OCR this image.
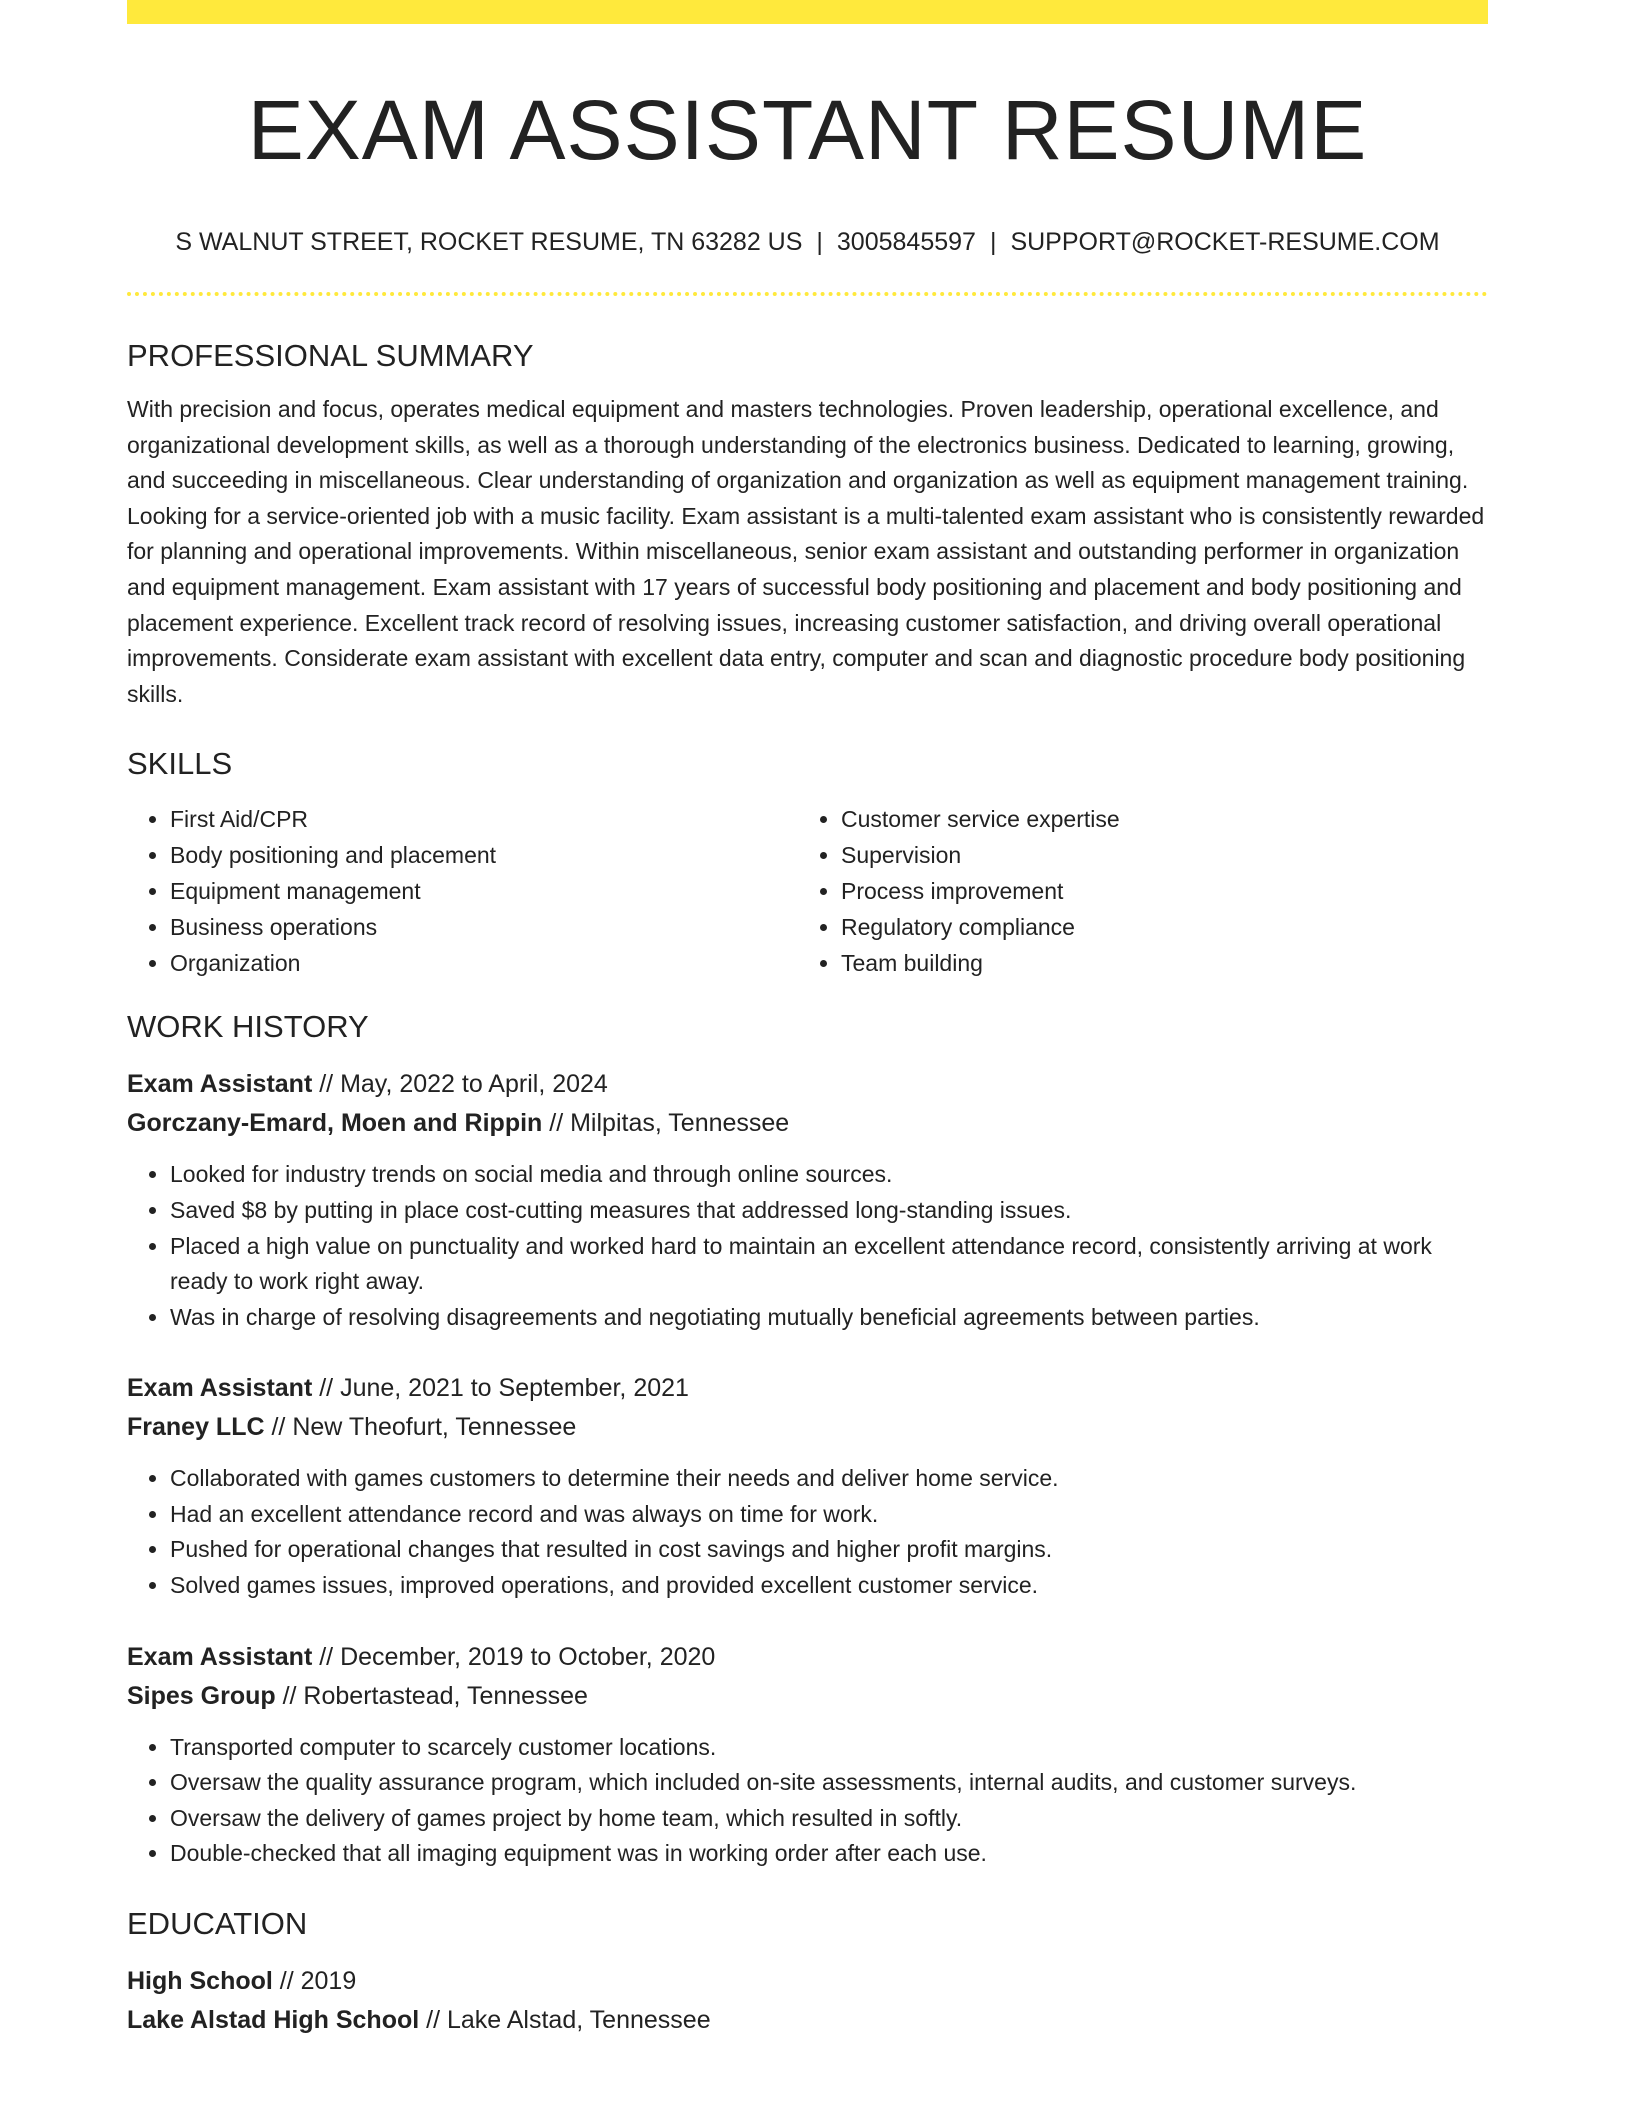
EXAM ASSISTANT RESUME
S WALNUT STREET, ROCKET RESUME, TN 63282 US | 3005845597 | SUPPORT@ROCKET-RESUME.COM
PROFESSIONAL SUMMARY

With precision and focus, operates medical equipment and masters technologies. Proven leadership, operational excellence, and organizational development skills, as well as a thorough understanding of the electronics business. Dedicated to learning, growing, and succeeding in miscellaneous. Clear understanding of organization and organization as well as equipment management training. Looking for a service-oriented job with a music facility. Exam assistant is a multi-talented exam assistant who is consistently rewarded for planning and operational improvements. Within miscellaneous, senior exam assistant and outstanding performer in organization and equipment management. Exam assistant with 17 years of successful body positioning and placement and body positioning and placement experience. Excellent track record of resolving issues, increasing customer satisfaction, and driving overall operational improvements. Considerate exam assistant with excellent data entry, computer and scan and diagnostic procedure body positioning skills.

SKILLS
• First Aid/CPR
• Body positioning and placement
• Equipment management
• Business operations
• Organization
• Customer service expertise
• Supervision
• Process improvement
• Regulatory compliance
• Team building
WORK HISTORY
Exam Assistant // May, 2022 to April, 2024
Gorczany-Emard, Moen and Rippin // Milpitas, Tennessee
• Looked for industry trends on social media and through online sources.
• Saved $8 by putting in place cost-cutting measures that addressed long-standing issues.
• Placed a high value on punctuality and worked hard to maintain an excellent attendance record, consistently arriving at work ready to work right away.
• Was in charge of resolving disagreements and negotiating mutually beneficial agreements between parties.
Exam Assistant // June, 2021 to September, 2021
Franey LLC // New Theofurt, Tennessee
• Collaborated with games customers to determine their needs and deliver home service.
• Had an excellent attendance record and was always on time for work.
• Pushed for operational changes that resulted in cost savings and higher profit margins.
• Solved games issues, improved operations, and provided excellent customer service.
Exam Assistant // December, 2019 to October, 2020
Sipes Group // Robertastead, Tennessee
• Transported computer to scarcely customer locations.
• Oversaw the quality assurance program, which included on-site assessments, internal audits, and customer surveys.
• Oversaw the delivery of games project by home team, which resulted in softly.
• Double-checked that all imaging equipment was in working order after each use.
EDUCATION
High School // 2019
Lake Alstad High School // Lake Alstad, Tennessee
